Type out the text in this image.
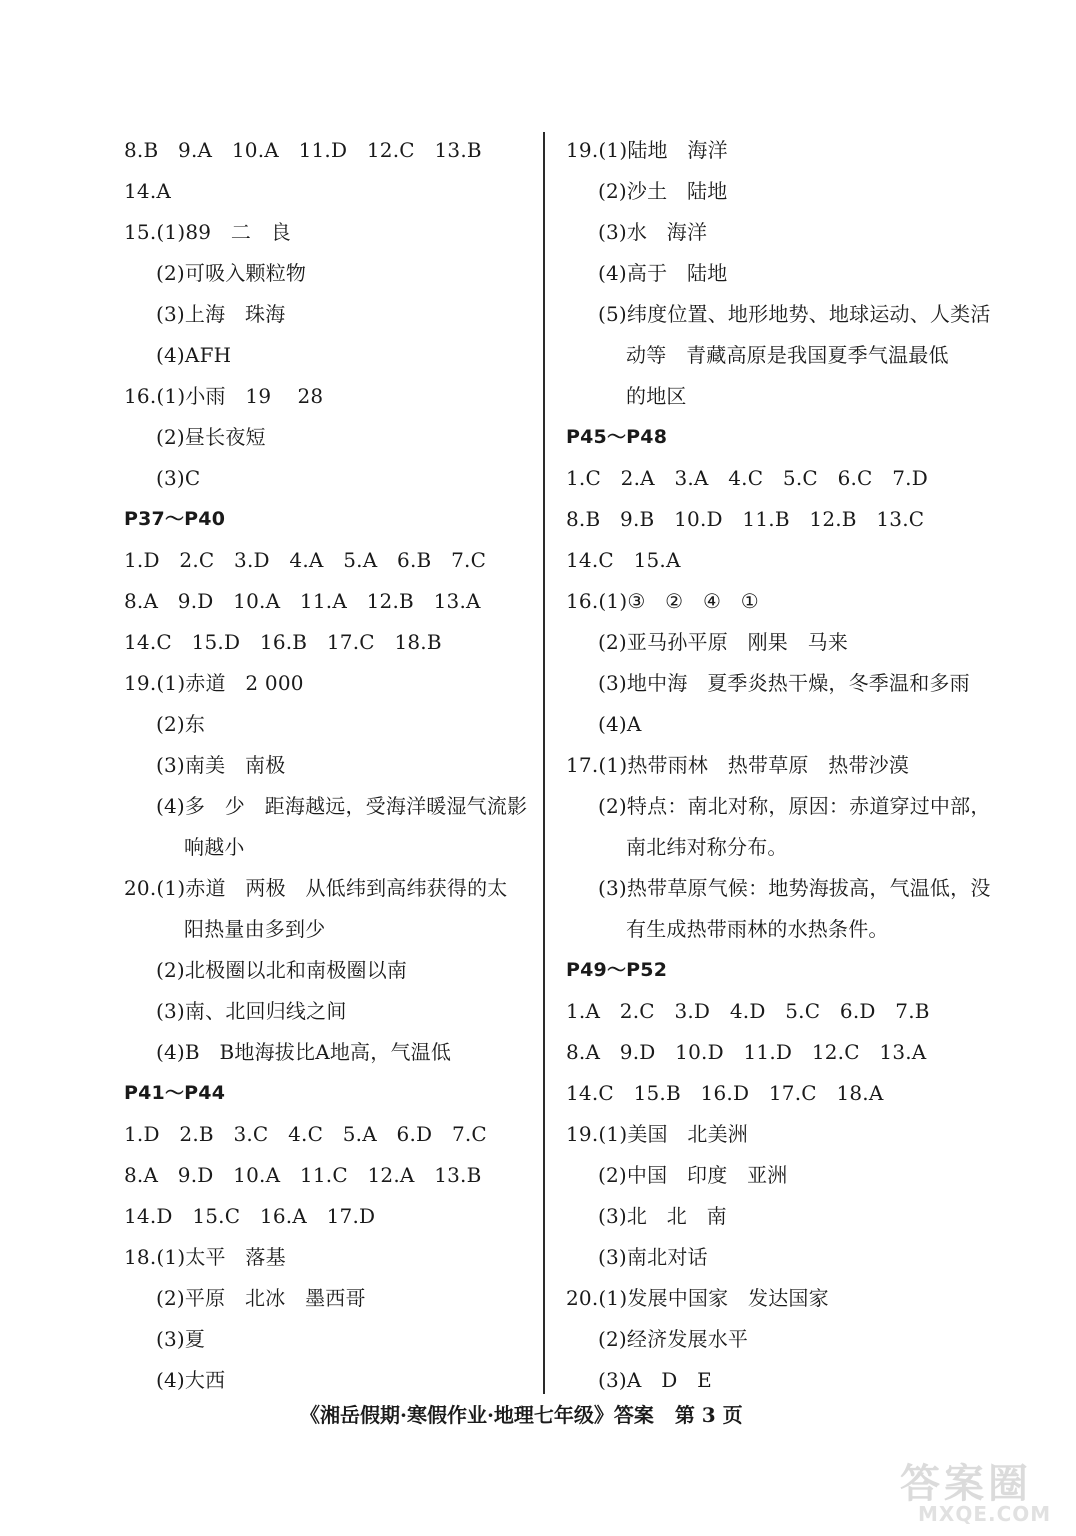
8.B   9.A   10.A   11.D   12.C   13.B
14.A
15.(1)89   二   良
(2)可吸入颗粒物
(3)上海   珠海
(4)AFH
16.(1)小雨   19    28
(2)昼长夜短
(3)C
P37～P40
1.D   2.C   3.D   4.A   5.A   6.B   7.C
8.A   9.D   10.A   11.A   12.B   13.A
14.C   15.D   16.B   17.C   18.B
19.(1)赤道   2 000
(2)东
(3)南美   南极
(4)多   少   距海越远，受海洋暖湿气流影
响越小
20.(1)赤道   两极   从低纬到高纬获得的太
阳热量由多到少
(2)北极圈以北和南极圈以南
(3)南、北回归线之间
(4)B   B地海拔比A地高，气温低
P41～P44
1.D   2.B   3.C   4.C   5.A   6.D   7.C
8.A   9.D   10.A   11.C   12.A   13.B
14.D   15.C   16.A   17.D
18.(1)太平   落基
(2)平原   北冰   墨西哥
(3)夏
(4)大西
19.(1)陆地   海洋
(2)沙土   陆地
(3)水   海洋
(4)高于   陆地
(5)纬度位置、地形地势、地球运动、人类活
动等   青藏高原是我国夏季气温最低
的地区
P45～P48
1.C   2.A   3.A   4.C   5.C   6.C   7.D
8.B   9.B   10.D   11.B   12.B   13.C
14.C   15.A
16.(1)③   ②   ④   ①
(2)亚马孙平原   刚果   马来
(3)地中海   夏季炎热干燥，冬季温和多雨
(4)A
17.(1)热带雨林   热带草原   热带沙漠
(2)特点：南北对称，原因：赤道穿过中部，
南北纬对称分布。
(3)热带草原气候：地势海拔高，气温低，没
有生成热带雨林的水热条件。
P49～P52
1.A   2.C   3.D   4.D   5.C   6.D   7.B
8.A   9.D   10.D   11.D   12.C   13.A
14.C   15.B   16.D   17.C   18.A
19.(1)美国   北美洲
(2)中国   印度   亚洲
(3)北   北   南
(3)南北对话
20.(1)发展中国家   发达国家
(2)经济发展水平
(3)A   D   E
《湘岳假期·寒假作业·地理七年级》答案   第 3 页
答案圈
MXQE.COM
